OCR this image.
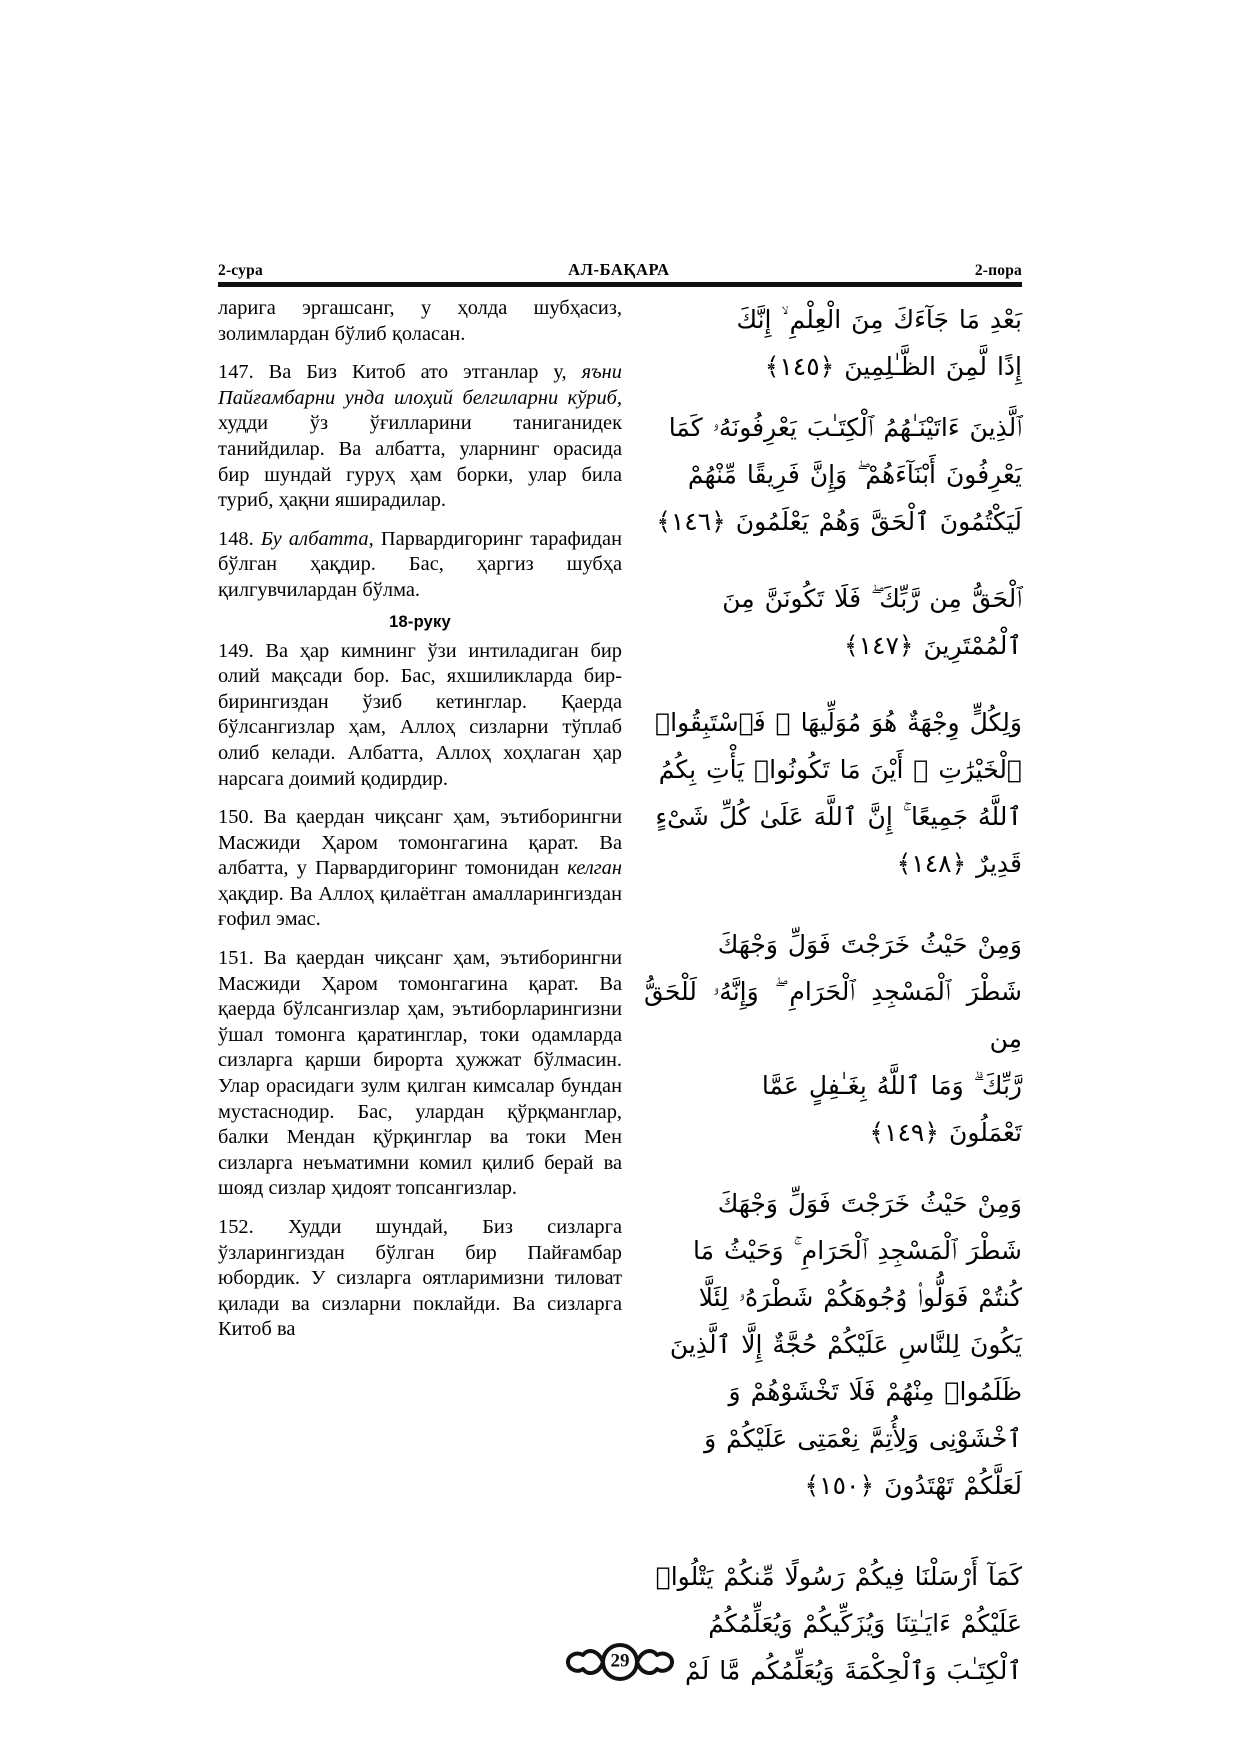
2-сура	АЛ-БАҚАРА	2-пора

ларига эргашсанг, у ҳолда шубҳасиз, золимлардан бўлиб қоласан.

147. Ва Биз Китоб ато этганлар у, яъни Пайғамбарни унда илоҳий белгиларни кўриб, худди ўз ўғилларини таниганидек танийдилар. Ва албатта, уларнинг орасида бир шундай гуруҳ ҳам борки, улар била туриб, ҳақни яширадилар.

148. Бу албатта, Парвардигоринг тарафидан бўлган ҳақдир. Бас, ҳаргиз шубҳа қилгувчилардан бўлма.

18-руку

149. Ва ҳар кимнинг ўзи интиладиган бир олий мақсади бор. Бас, яхшиликларда бир-бирингиздан ўзиб кетинглар. Қаерда бўлсангизлар ҳам, Аллоҳ сизларни тўплаб олиб келади. Албатта, Аллоҳ хоҳлаган ҳар нарсага доимий қодирдир.

150. Ва қаердан чиқсанг ҳам, эътиборингни Масжиди Ҳаром томонгагина қарат. Ва албатта, у Парвардигоринг томонидан келган ҳақдир. Ва Аллоҳ қилаётган амалларингиздан ғофил эмас.

151. Ва қаердан чиқсанг ҳам, эътиборингни Масжиди Ҳаром томонгагина қарат. Ва қаерда бўлсангизлар ҳам, эътиборларингизни ўшал томонга қаратинглар, токи одамларда сизларга қарши бирорта ҳужжат бўлмасин. Улар орасидаги зулм қилган кимсалар бундан мустаснодир. Бас, улардан қўрқманглар, балки Мендан қўрқинглар ва токи Мен сизларга неъматимни комил қилиб берай ва шояд сизлар ҳидоят топсангизлар.

152. Худди шундай, Биз сизларга ўзларингиздан бўлган бир Пайғамбар юбордик. У сизларга оятларимизни тиловат қилади ва сизларни поклайди. Ва сизларга Китоб ва

بَعْدِ مَا جَآءَكَ مِنَ الْعِلْمِ ۙ إِنَّكَ
إِذًا لَّمِنَ الظَّـٰلِمِينَ ﴿١٤٥﴾
ٱلَّذِينَ ءَاتَيْنَـٰهُمُ ٱلْكِتَـٰبَ يَعْرِفُونَهُۥ كَمَا
يَعْرِفُونَ أَبْنَآءَهُمْ ۖ وَإِنَّ فَرِيقًا مِّنْهُمْ
لَيَكْتُمُونَ ٱلْحَقَّ وَهُمْ يَعْلَمُونَ ﴿١٤٦﴾
ٱلْحَقُّ مِن رَّبِّكَ ۖ فَلَا تَكُونَنَّ مِنَ
ٱلْمُمْتَرِينَ ﴿١٤٧﴾
وَلِكُلٍّ وِجْهَةٌ هُوَ مُوَلِّيهَا ۖ فَٱسْتَبِقُوا۟
ٱلْخَيْرَٰتِ ۚ أَيْنَ مَا تَكُونُوا۟ يَأْتِ بِكُمُ
ٱللَّهُ جَمِيعًا ۚ إِنَّ ٱللَّهَ عَلَىٰ كُلِّ شَىْءٍ
قَدِيرٌ ﴿١٤٨﴾
وَمِنْ حَيْثُ خَرَجْتَ فَوَلِّ وَجْهَكَ
شَطْرَ ٱلْمَسْجِدِ ٱلْحَرَامِ ۖ وَإِنَّهُۥ لَلْحَقُّ مِن
رَّبِّكَ ۗ وَمَا ٱللَّهُ بِغَـٰفِلٍ عَمَّا
تَعْمَلُونَ ﴿١٤٩﴾
وَمِنْ حَيْثُ خَرَجْتَ فَوَلِّ وَجْهَكَ
شَطْرَ ٱلْمَسْجِدِ ٱلْحَرَامِ ۚ وَحَيْثُ مَا
كُنتُمْ فَوَلُّوا۟ وُجُوهَكُمْ شَطْرَهُۥ لِئَلَّا
يَكُونَ لِلنَّاسِ عَلَيْكُمْ حُجَّةٌ إِلَّا ٱلَّذِينَ
ظَلَمُوا۟ مِنْهُمْ فَلَا تَخْشَوْهُمْ وَ
ٱخْشَوْنِى وَلِأُتِمَّ نِعْمَتِى عَلَيْكُمْ وَ
لَعَلَّكُمْ تَهْتَدُونَ ﴿١٥٠﴾
كَمَآ أَرْسَلْنَا فِيكُمْ رَسُولًا مِّنكُمْ يَتْلُوا۟
عَلَيْكُمْ ءَايَـٰتِنَا وَيُزَكِّيكُمْ وَيُعَلِّمُكُمُ
ٱلْكِتَـٰبَ وَٱلْحِكْمَةَ وَيُعَلِّمُكُم مَّا لَمْ
29
